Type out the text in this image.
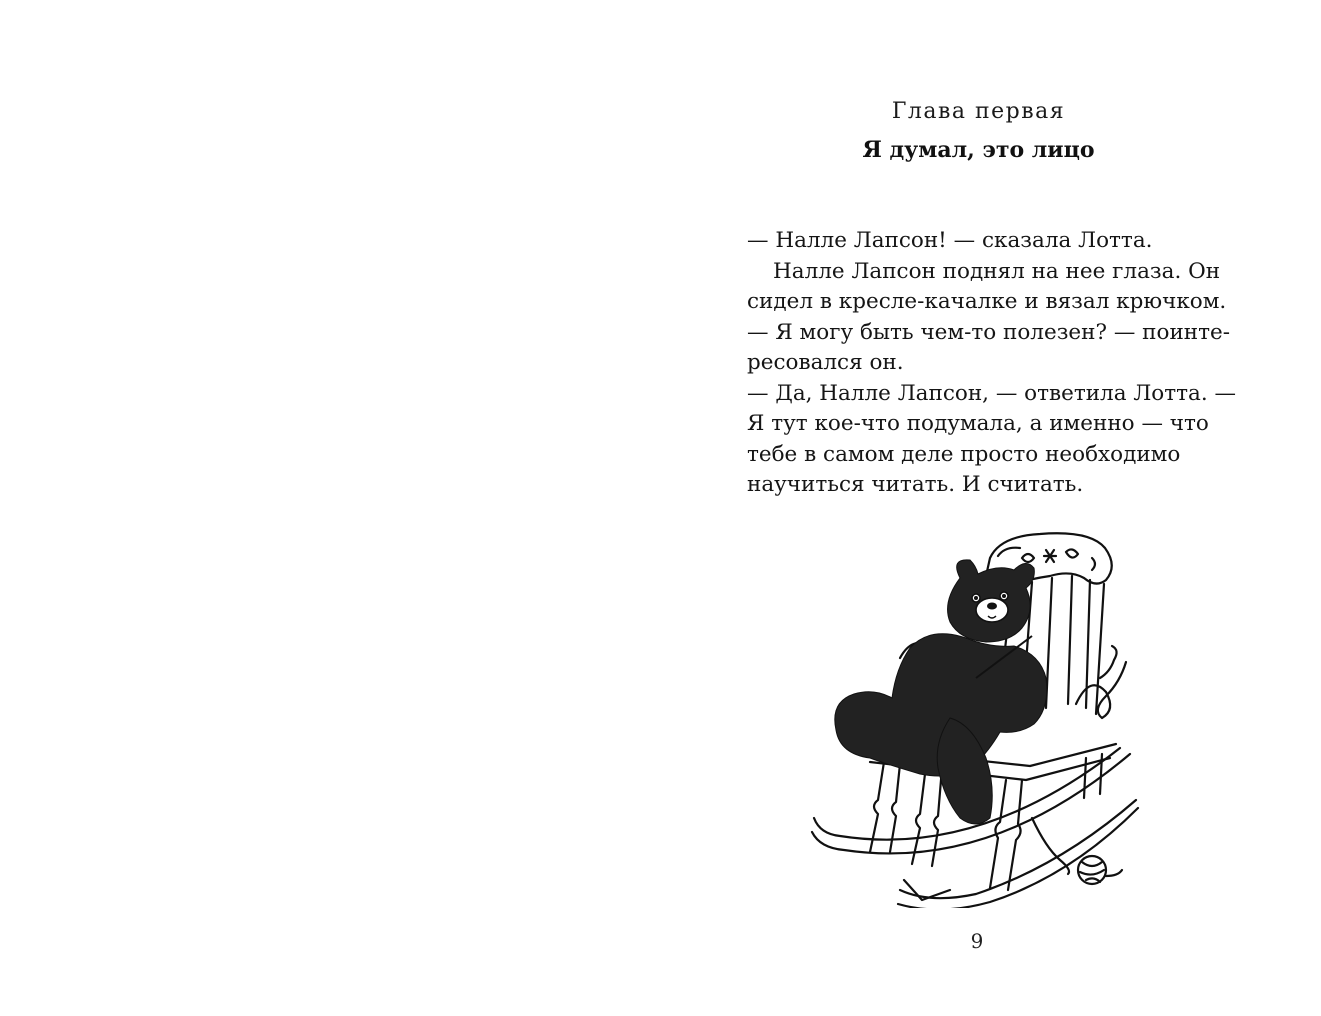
Глава первая
Я думал, это лицо
— Налле Лапсон! — сказала Лотта.
Налле Лапсон поднял на нее глаза. Он
сидел в кресле-качалке и вязал крючком.
— Я могу быть чем-то полезен? — поинте-
ресовался он.
— Да, Налле Лапсон, — ответила Лотта. —
Я тут кое-что подумала, а именно — что
тебе в самом деле просто необходимо
научиться читать. И считать.
9
